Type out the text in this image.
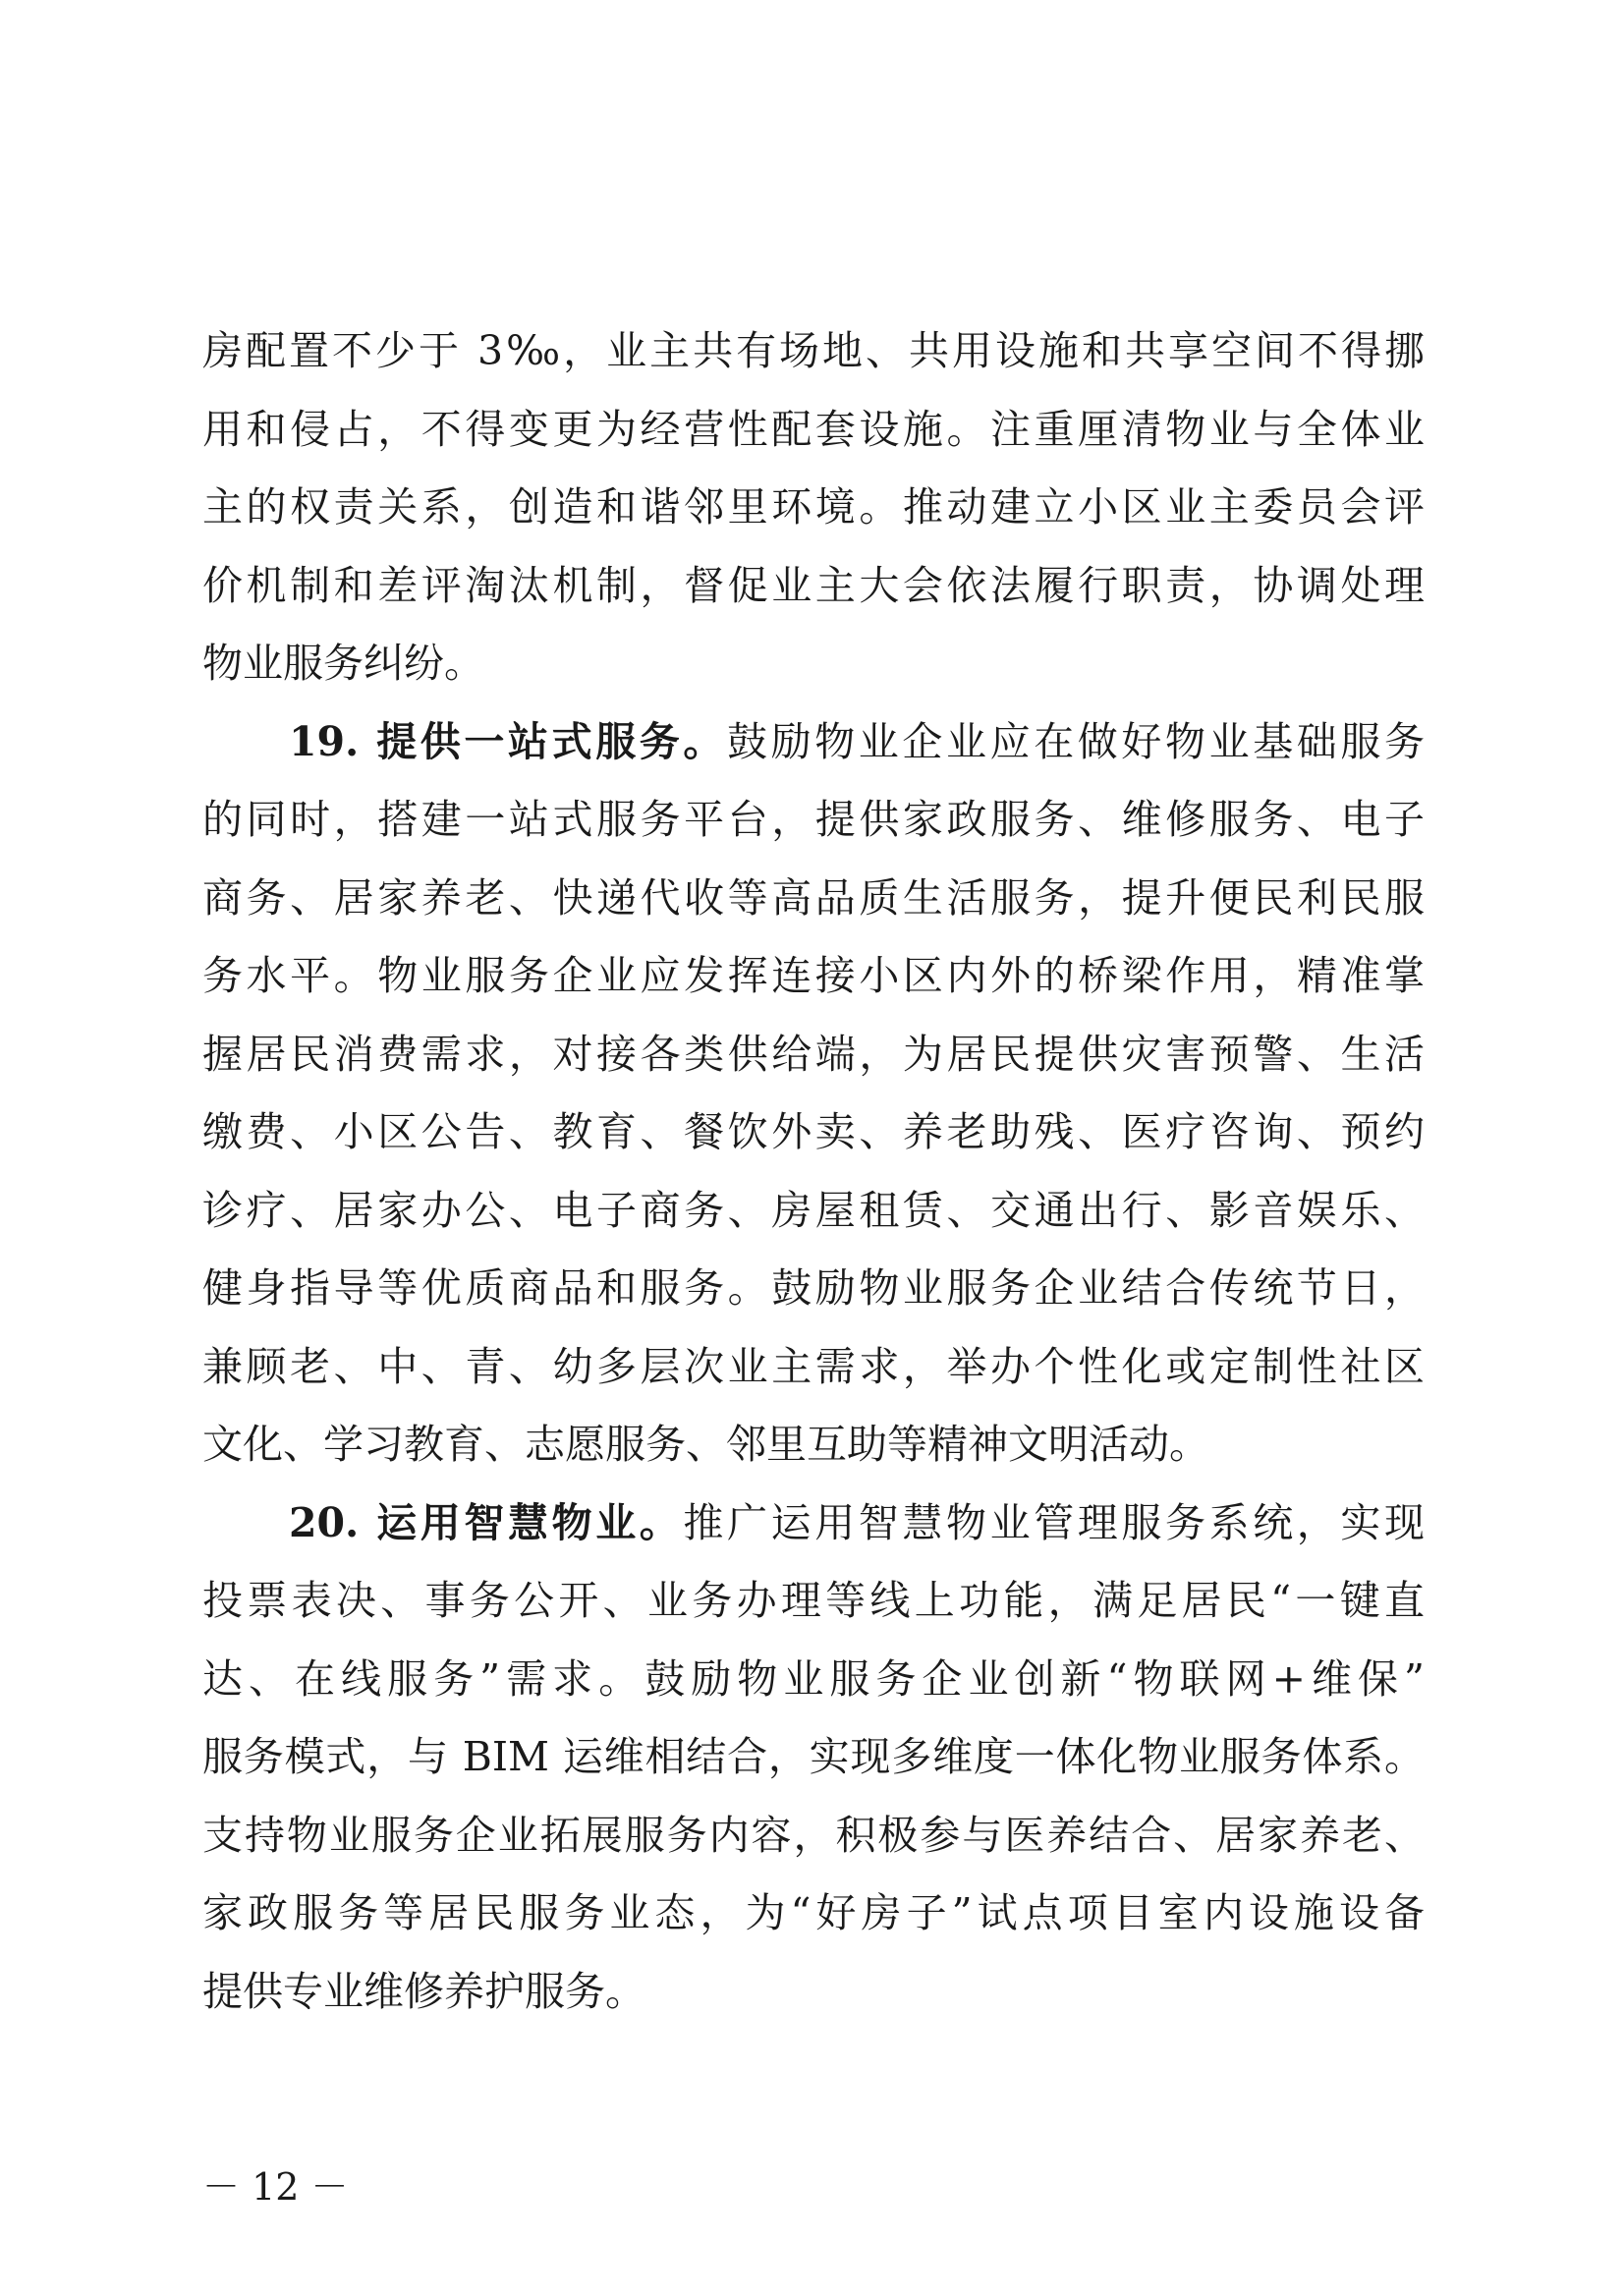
房配置不少于 3‰，业主共有场地、共用设施和共享空间不得挪
用和侵占，不得变更为经营性配套设施。注重厘清物业与全体业
主的权责关系，创造和谐邻里环境。推动建立小区业主委员会评
价机制和差评淘汰机制，督促业主大会依法履行职责，协调处理
物业服务纠纷。
19. 提供一站式服务。鼓励物业企业应在做好物业基础服务
的同时，搭建一站式服务平台，提供家政服务、维修服务、电子
商务、居家养老、快递代收等高品质生活服务，提升便民利民服
务水平。物业服务企业应发挥连接小区内外的桥梁作用，精准掌
握居民消费需求，对接各类供给端，为居民提供灾害预警、生活
缴费、小区公告、教育、餐饮外卖、养老助残、医疗咨询、预约
诊疗、居家办公、电子商务、房屋租赁、交通出行、影音娱乐、
健身指导等优质商品和服务。鼓励物业服务企业结合传统节日，
兼顾老、中、青、幼多层次业主需求，举办个性化或定制性社区
文化、学习教育、志愿服务、邻里互助等精神文明活动。
20. 运用智慧物业。推广运用智慧物业管理服务系统，实现
投票表决、事务公开、业务办理等线上功能，满足居民“一键直
达、在线服务”需求。鼓励物业服务企业创新“物联网+维保”
服务模式，与 BIM 运维相结合，实现多维度一体化物业服务体系。
支持物业服务企业拓展服务内容，积极参与医养结合、居家养老、
家政服务等居民服务业态，为“好房子”试点项目室内设施设备
提供专业维修养护服务。
－ 12 －
